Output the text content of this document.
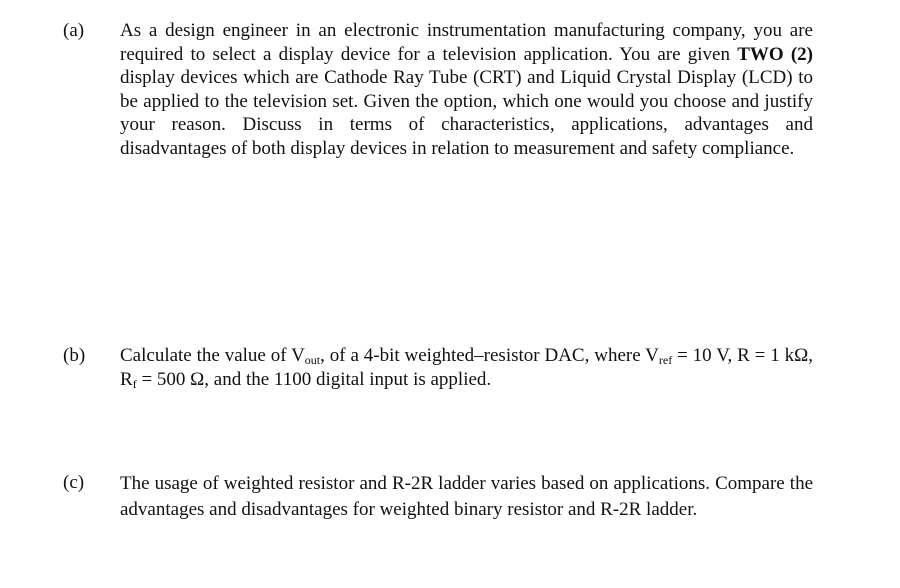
(a) As a design engineer in an electronic instrumentation manufacturing company, you are required to select a display device for a television application. You are given TWO (2) display devices which are Cathode Ray Tube (CRT) and Liquid Crystal Display (LCD) to be applied to the television set. Given the option, which one would you choose and justify your reason. Discuss in terms of characteristics, applications, advantages and disadvantages of both display devices in relation to measurement and safety compliance.
(b) Calculate the value of $V_{out}$, of a 4-bit weighted–resistor DAC, where $V_{ref} = 10$ V, R = 1 kΩ, $R_f = 500$ Ω, and the 1100 digital input is applied.
(c) The usage of weighted resistor and R-2R ladder varies based on applications. Compare the advantages and disadvantages for weighted binary resistor and R-2R ladder.
